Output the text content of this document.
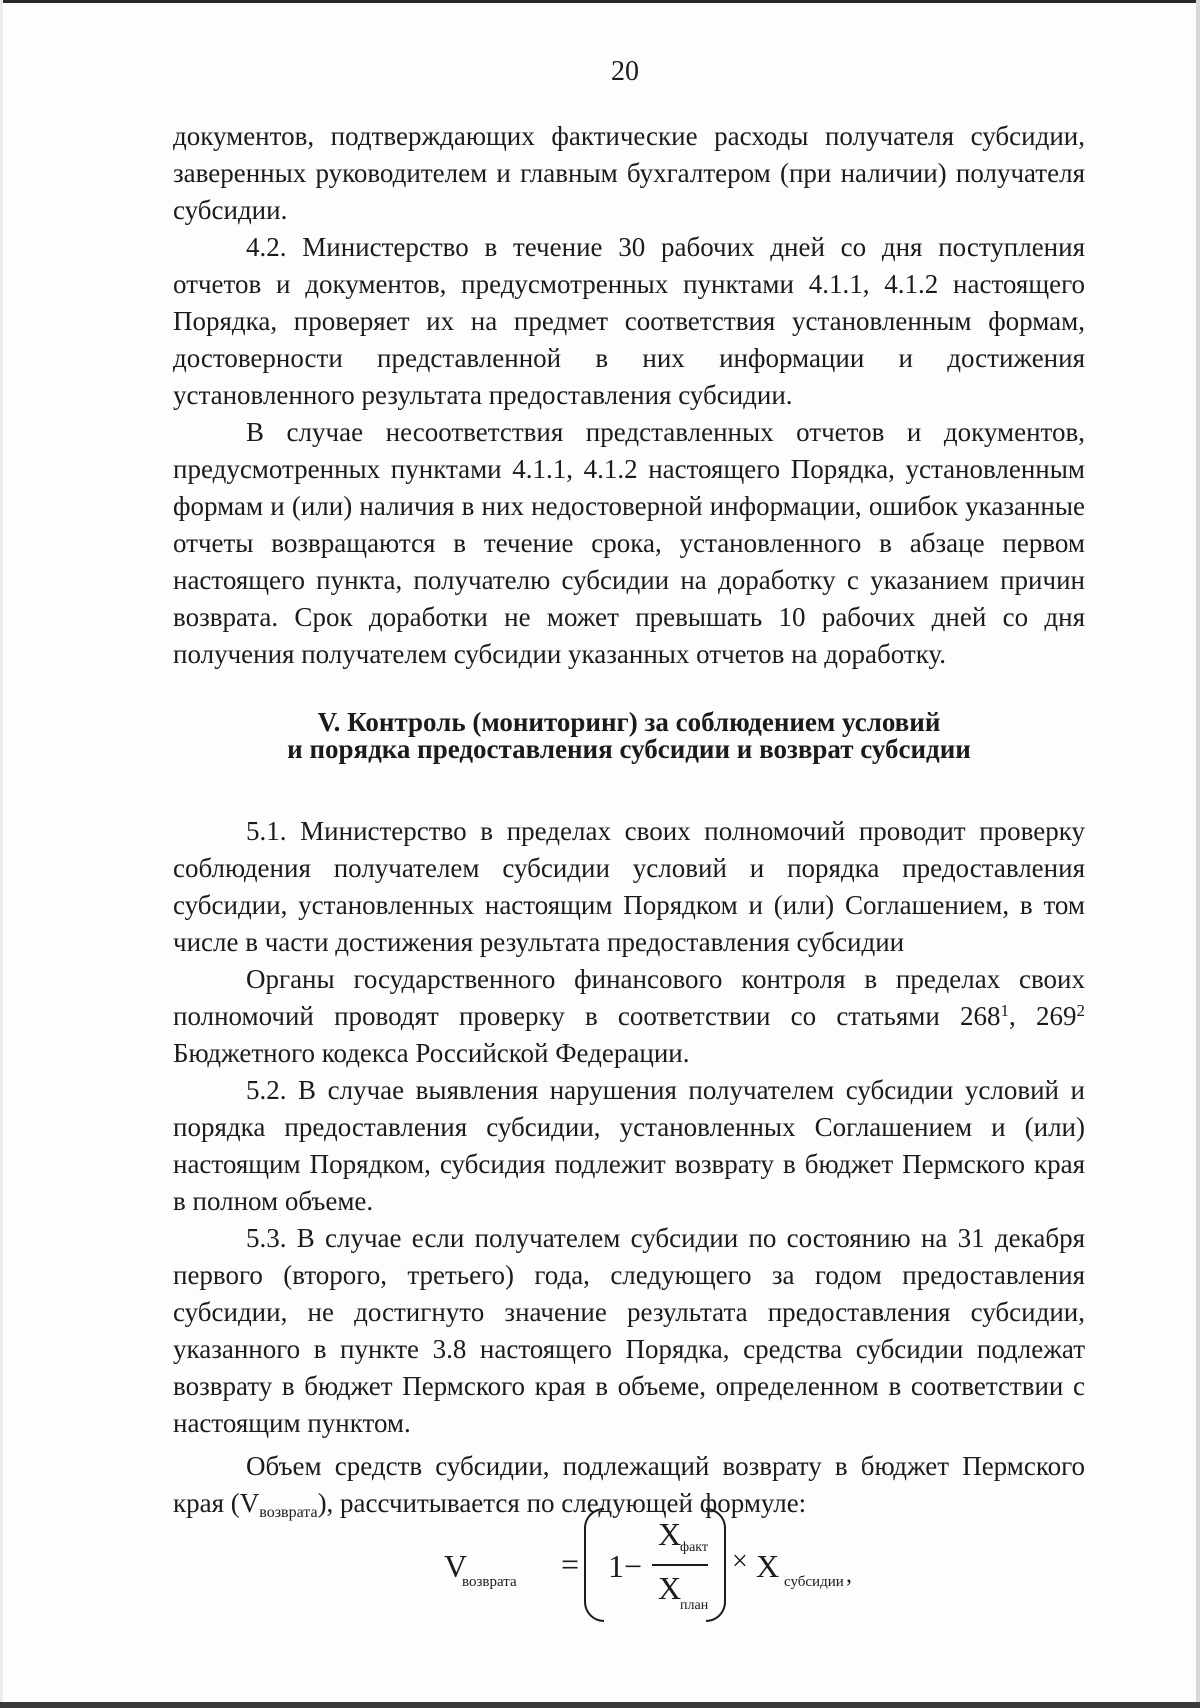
20

документов, подтверждающих фактические расходы получателя субсидии, заверенных руководителем и главным бухгалтером (при наличии) получателя субсидии.

4.2. Министерство в течение 30 рабочих дней со дня поступления отчетов и документов, предусмотренных пунктами 4.1.1, 4.1.2 настоящего Порядка, проверяет их на предмет соответствия установленным формам, достоверности представленной в них информации и достижения установленного результата предоставления субсидии.

В случае несоответствия представленных отчетов и документов, предусмотренных пунктами 4.1.1, 4.1.2 настоящего Порядка, установленным формам и (или) наличия в них недостоверной информации, ошибок указанные отчеты возвращаются в течение срока, установленного в абзаце первом настоящего пункта, получателю субсидии на доработку с указанием причин возврата. Срок доработки не может превышать 10 рабочих дней со дня получения получателем субсидии указанных отчетов на доработку.

V. Контроль (мониторинг) за соблюдением условий
и порядка предоставления субсидии и возврат субсидии

5.1. Министерство в пределах своих полномочий проводит проверку соблюдения получателем субсидии условий и порядка предоставления субсидии, установленных настоящим Порядком и (или) Соглашением, в том числе в части достижения результата предоставления субсидии

Органы государственного финансового контроля в пределах своих полномочий проводят проверку в соответствии со статьями $268^1$, $269^2$ Бюджетного кодекса Российской Федерации.

5.2. В случае выявления нарушения получателем субсидии условий и порядка предоставления субсидии, установленных Соглашением и (или) настоящим Порядком, субсидия подлежит возврату в бюджет Пермского края в полном объеме.

5.3. В случае если получателем субсидии по состоянию на 31 декабря первого (второго, третьего) года, следующего за годом предоставления субсидии, не достигнуто значение результата предоставления субсидии, указанного в пункте 3.8 настоящего Порядка, средства субсидии подлежат возврату в бюджет Пермского края в объеме, определенном в соответствии с настоящим пунктом.

Объем средств субсидии, подлежащий возврату в бюджет Пермского края (Vвозврата), рассчитывается по следующей формуле:

V
возврата = 1−
X
факт
X
план
× X субсидии ,
